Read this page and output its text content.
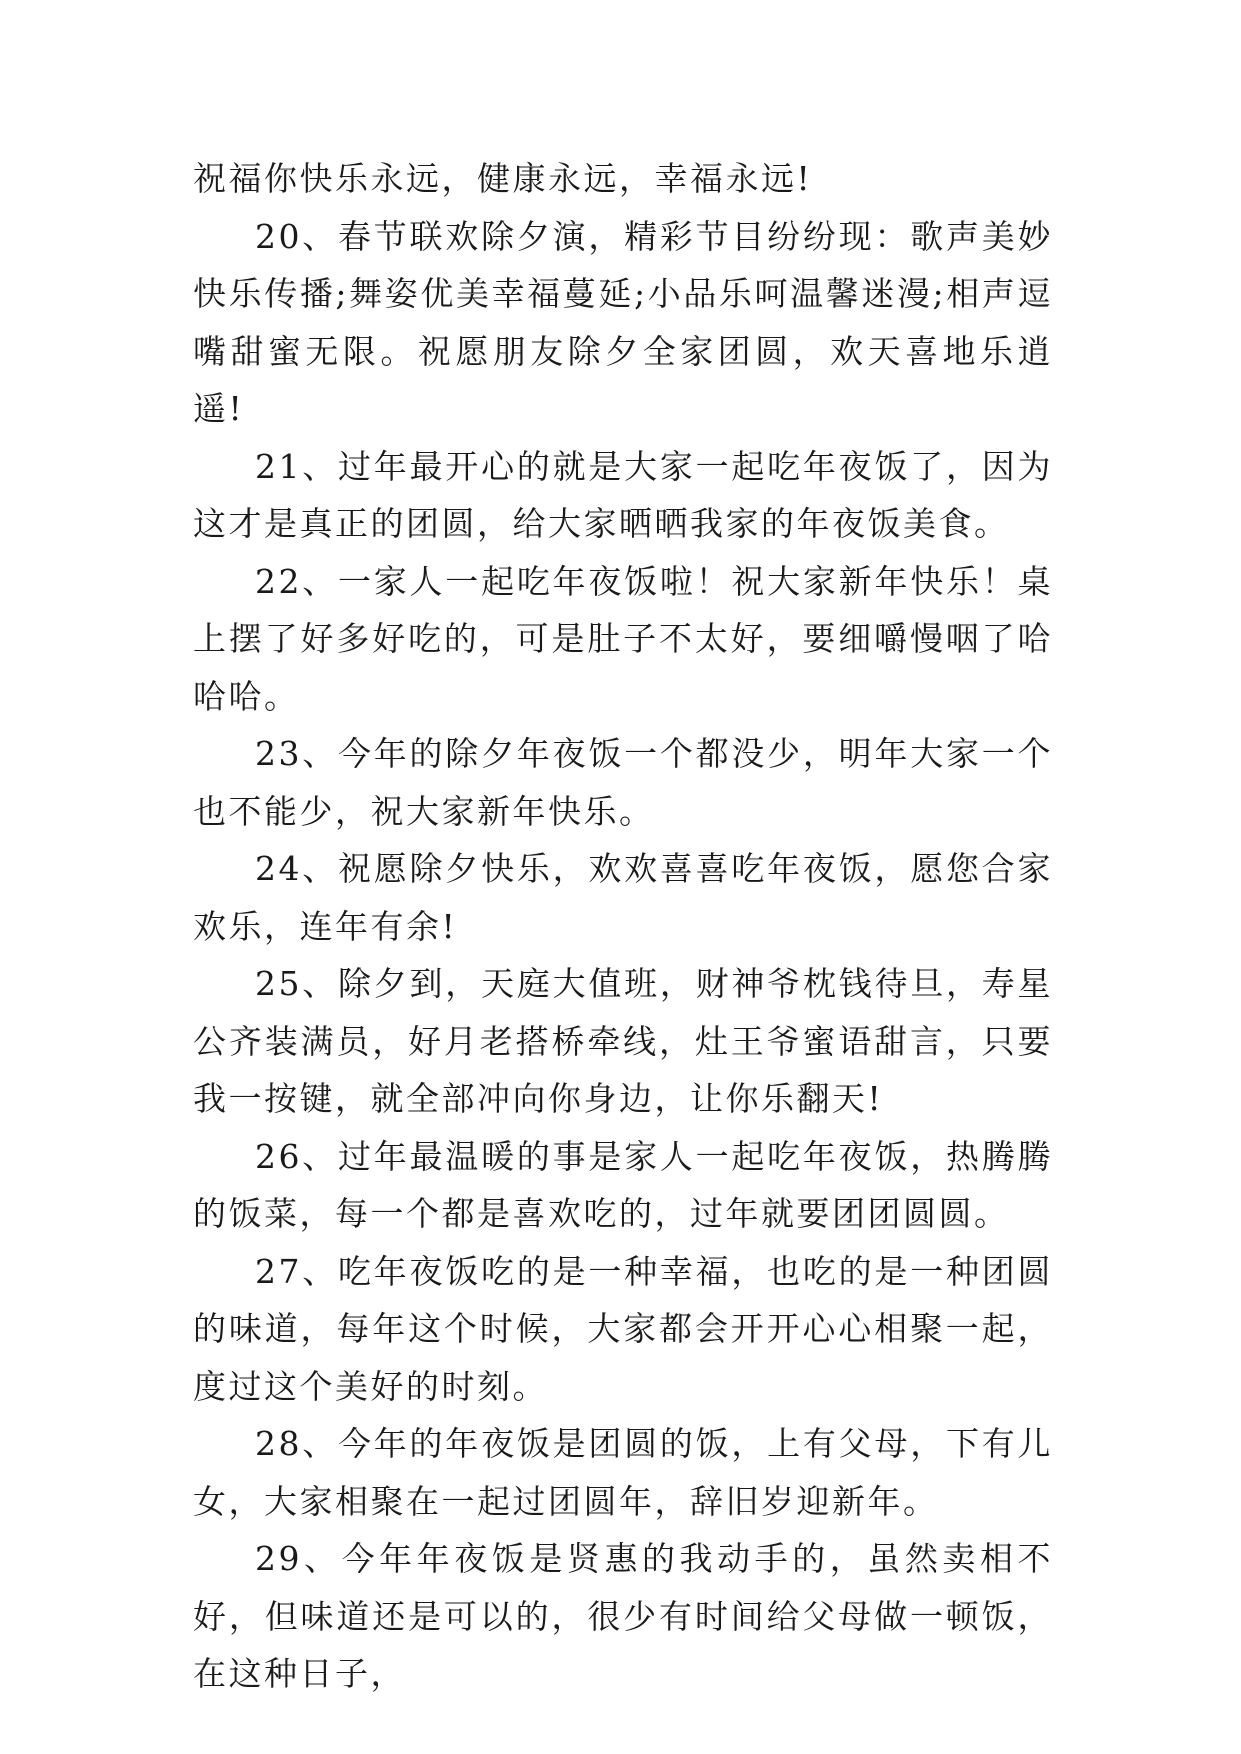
祝福你快乐永远，健康永远，幸福永远!

20、春节联欢除夕演，精彩节目纷纷现：歌声美妙快乐传播;舞姿优美幸福蔓延;小品乐呵温馨迷漫;相声逗嘴甜蜜无限。祝愿朋友除夕全家团圆，欢天喜地乐逍遥!

21、过年最开心的就是大家一起吃年夜饭了，因为这才是真正的团圆，给大家晒晒我家的年夜饭美食。

22、一家人一起吃年夜饭啦！祝大家新年快乐！桌上摆了好多好吃的，可是肚子不太好，要细嚼慢咽了哈哈哈。

23、今年的除夕年夜饭一个都没少，明年大家一个也不能少，祝大家新年快乐。

24、祝愿除夕快乐，欢欢喜喜吃年夜饭，愿您合家欢乐，连年有余!

25、除夕到，天庭大值班，财神爷枕钱待旦，寿星公齐装满员，好月老搭桥牵线，灶王爷蜜语甜言，只要我一按键，就全部冲向你身边，让你乐翻天!

26、过年最温暖的事是家人一起吃年夜饭，热腾腾的饭菜，每一个都是喜欢吃的，过年就要团团圆圆。

27、吃年夜饭吃的是一种幸福，也吃的是一种团圆的味道，每年这个时候，大家都会开开心心相聚一起，度过这个美好的时刻。

28、今年的年夜饭是团圆的饭，上有父母，下有儿女，大家相聚在一起过团圆年，辞旧岁迎新年。

29、今年年夜饭是贤惠的我动手的，虽然卖相不好，但味道还是可以的，很少有时间给父母做一顿饭，在这种日子，
